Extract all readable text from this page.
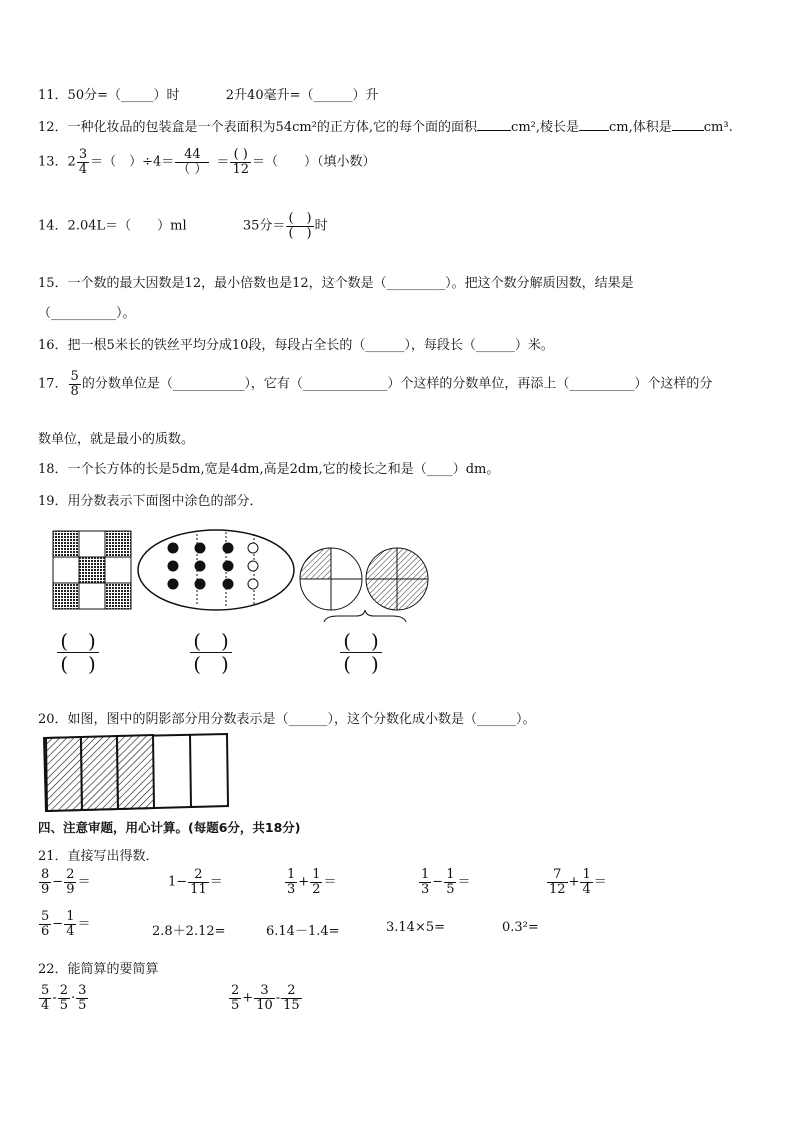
11．50分=（_____）时	2升40毫升=（______）升
12．一种化妆品的包装盒是一个表面积为54cm²的正方体,它的每个面的面积	cm²,棱长是 cm,体积是 cm³.
13．$2 \frac{3}{4}$ ＝（　）$\div 4= \frac{44}{( )} = \frac{( )}{12}$ ＝（　　）（填小数）
14．2.04L＝（　　）ml	35分＝ $\frac{( )}{( )}$ 时
15．一个数的最大因数是12，最小倍数也是12，这个数是（_________）。把这个数分解质因数，结果是
（__________）。
16．把一根5米长的铁丝平均分成10段，每段占全长的（______），每段长（______）米。
17． $\frac{5}{8}$ 的分数单位是（___________），它有（_____________）个这样的分数单位，再添上（__________）个这样的分
数单位，就是最小的质数。
18．一个长方体的长是5dm,宽是4dm,高是2dm,它的棱长之和是（____）dm。
19．用分数表示下面图中涂色的部分．
(　)
(　)
(　)
(　)
(　)
(　)
20．如图，图中的阴影部分用分数表示是（______），这个分数化成小数是（______）。
四、注意审题，用心计算。(每题6分，共18分)
21．直接写出得数．
$\frac{8}{9} - \frac{2}{9}$ ＝	$1- \frac{2}{11}$ ＝	$\frac{1}{3} + \frac{1}{2}$ ＝	$\frac{1}{3} - \frac{1}{5}$ ＝	$\frac{7}{12} + \frac{1}{4}$ ＝
$\frac{5}{6} - \frac{1}{4}$ ＝	2.8＋2.12=	6.14－1.4=	3.14×5=	0.3²=
22．能简算的要简算
$\frac{5}{4} - \frac{2}{5} \cdot \frac{3}{5}$	$\frac{2}{5} + \frac{3}{10} - \frac{2}{15}$
